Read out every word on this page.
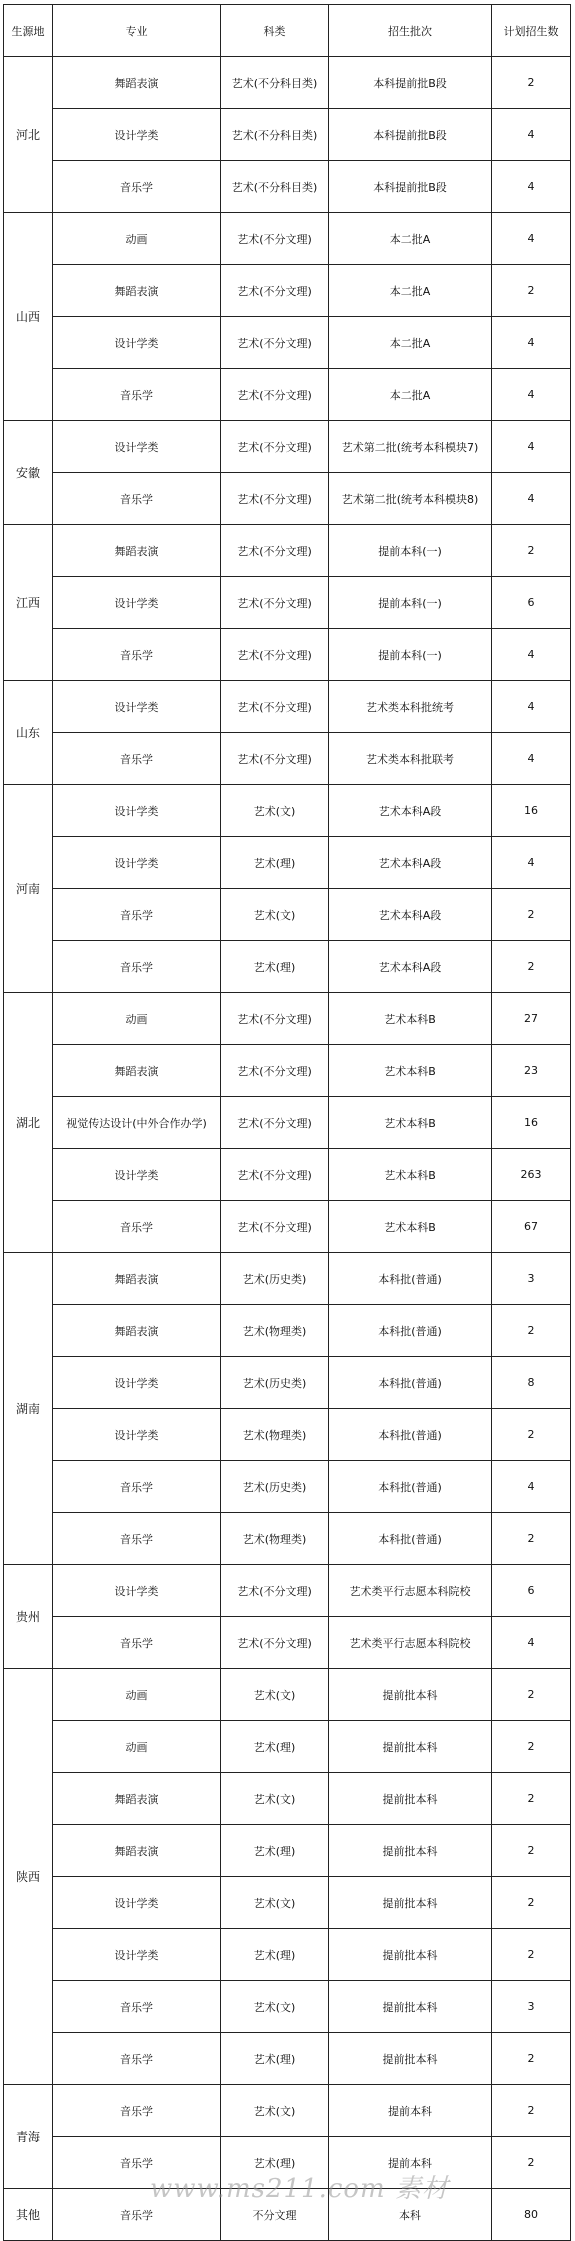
生源地	专业	科类	招生批次	计划招生数
河北	舞蹈表演	艺术(不分科目类)	本科提前批B段	2
	设计学类	艺术(不分科目类)	本科提前批B段	4
	音乐学	艺术(不分科目类)	本科提前批B段	4
山西	动画	艺术(不分文理)	本二批A	4
	舞蹈表演	艺术(不分文理)	本二批A	2
	设计学类	艺术(不分文理)	本二批A	4
	音乐学	艺术(不分文理)	本二批A	4
安徽	设计学类	艺术(不分文理)	艺术第二批(统考本科模块7)	4
	音乐学	艺术(不分文理)	艺术第二批(统考本科模块8)	4
江西	舞蹈表演	艺术(不分文理)	提前本科(一)	2
	设计学类	艺术(不分文理)	提前本科(一)	6
	音乐学	艺术(不分文理)	提前本科(一)	4
山东	设计学类	艺术(不分文理)	艺术类本科批统考	4
	音乐学	艺术(不分文理)	艺术类本科批联考	4
河南	设计学类	艺术(文)	艺术本科A段	16
	设计学类	艺术(理)	艺术本科A段	4
	音乐学	艺术(文)	艺术本科A段	2
	音乐学	艺术(理)	艺术本科A段	2
湖北	动画	艺术(不分文理)	艺术本科B	27
	舞蹈表演	艺术(不分文理)	艺术本科B	23
	视觉传达设计(中外合作办学)	艺术(不分文理)	艺术本科B	16
	设计学类	艺术(不分文理)	艺术本科B	263
	音乐学	艺术(不分文理)	艺术本科B	67
湖南	舞蹈表演	艺术(历史类)	本科批(普通)	3
	舞蹈表演	艺术(物理类)	本科批(普通)	2
	设计学类	艺术(历史类)	本科批(普通)	8
	设计学类	艺术(物理类)	本科批(普通)	2
	音乐学	艺术(历史类)	本科批(普通)	4
	音乐学	艺术(物理类)	本科批(普通)	2
贵州	设计学类	艺术(不分文理)	艺术类平行志愿本科院校	6
	音乐学	艺术(不分文理)	艺术类平行志愿本科院校	4
陕西	动画	艺术(文)	提前批本科	2
	动画	艺术(理)	提前批本科	2
	舞蹈表演	艺术(文)	提前批本科	2
	舞蹈表演	艺术(理)	提前批本科	2
	设计学类	艺术(文)	提前批本科	2
	设计学类	艺术(理)	提前批本科	2
	音乐学	艺术(文)	提前批本科	3
	音乐学	艺术(理)	提前批本科	2
青海	音乐学	艺术(文)	提前本科	2
	音乐学	艺术(理)	提前本科	2
其他	音乐学	不分文理	本科	80
www.ms211.com 素材
